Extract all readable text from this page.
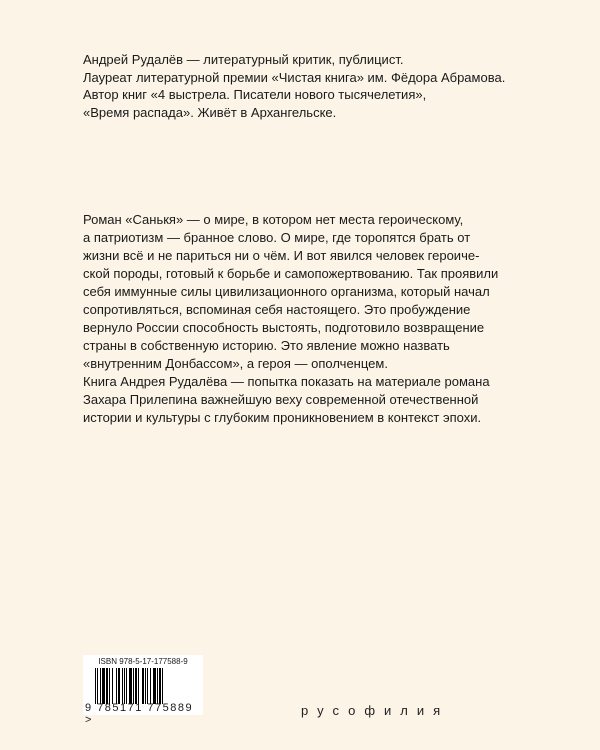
Андрей Рудалёв — литературный критик, публицист.
Лауреат литературной премии «Чистая книга» им. Фёдора Абрамова.
Автор книг «4 выстрела. Писатели нового тысячелетия»,
«Время распада». Живёт в Архангельске.
Роман «Санькя» — о мире, в котором нет места героическому,
а патриотизм — бранное слово. О мире, где торопятся брать от
жизни всё и не париться ни о чём. И вот явился человек героиче-
ской породы, готовый к борьбе и самопожертвованию. Так проявили
себя иммунные силы цивилизационного организма, который начал
сопротивляться, вспоминая себя настоящего. Это пробуждение
вернуло России способность выстоять, подготовило возвращение
страны в собственную историю. Это явление можно назвать
«внутренним Донбассом», а героя — ополченцем.
Книга Андрея Рудалёва — попытка показать на материале романа
Захара Прилепина важнейшую веху современной отечественной
истории и культуры с глубоким проникновением в контекст эпохи.
ISBN 978-5-17-177588-9
9 785171 775889 >
русофилия
